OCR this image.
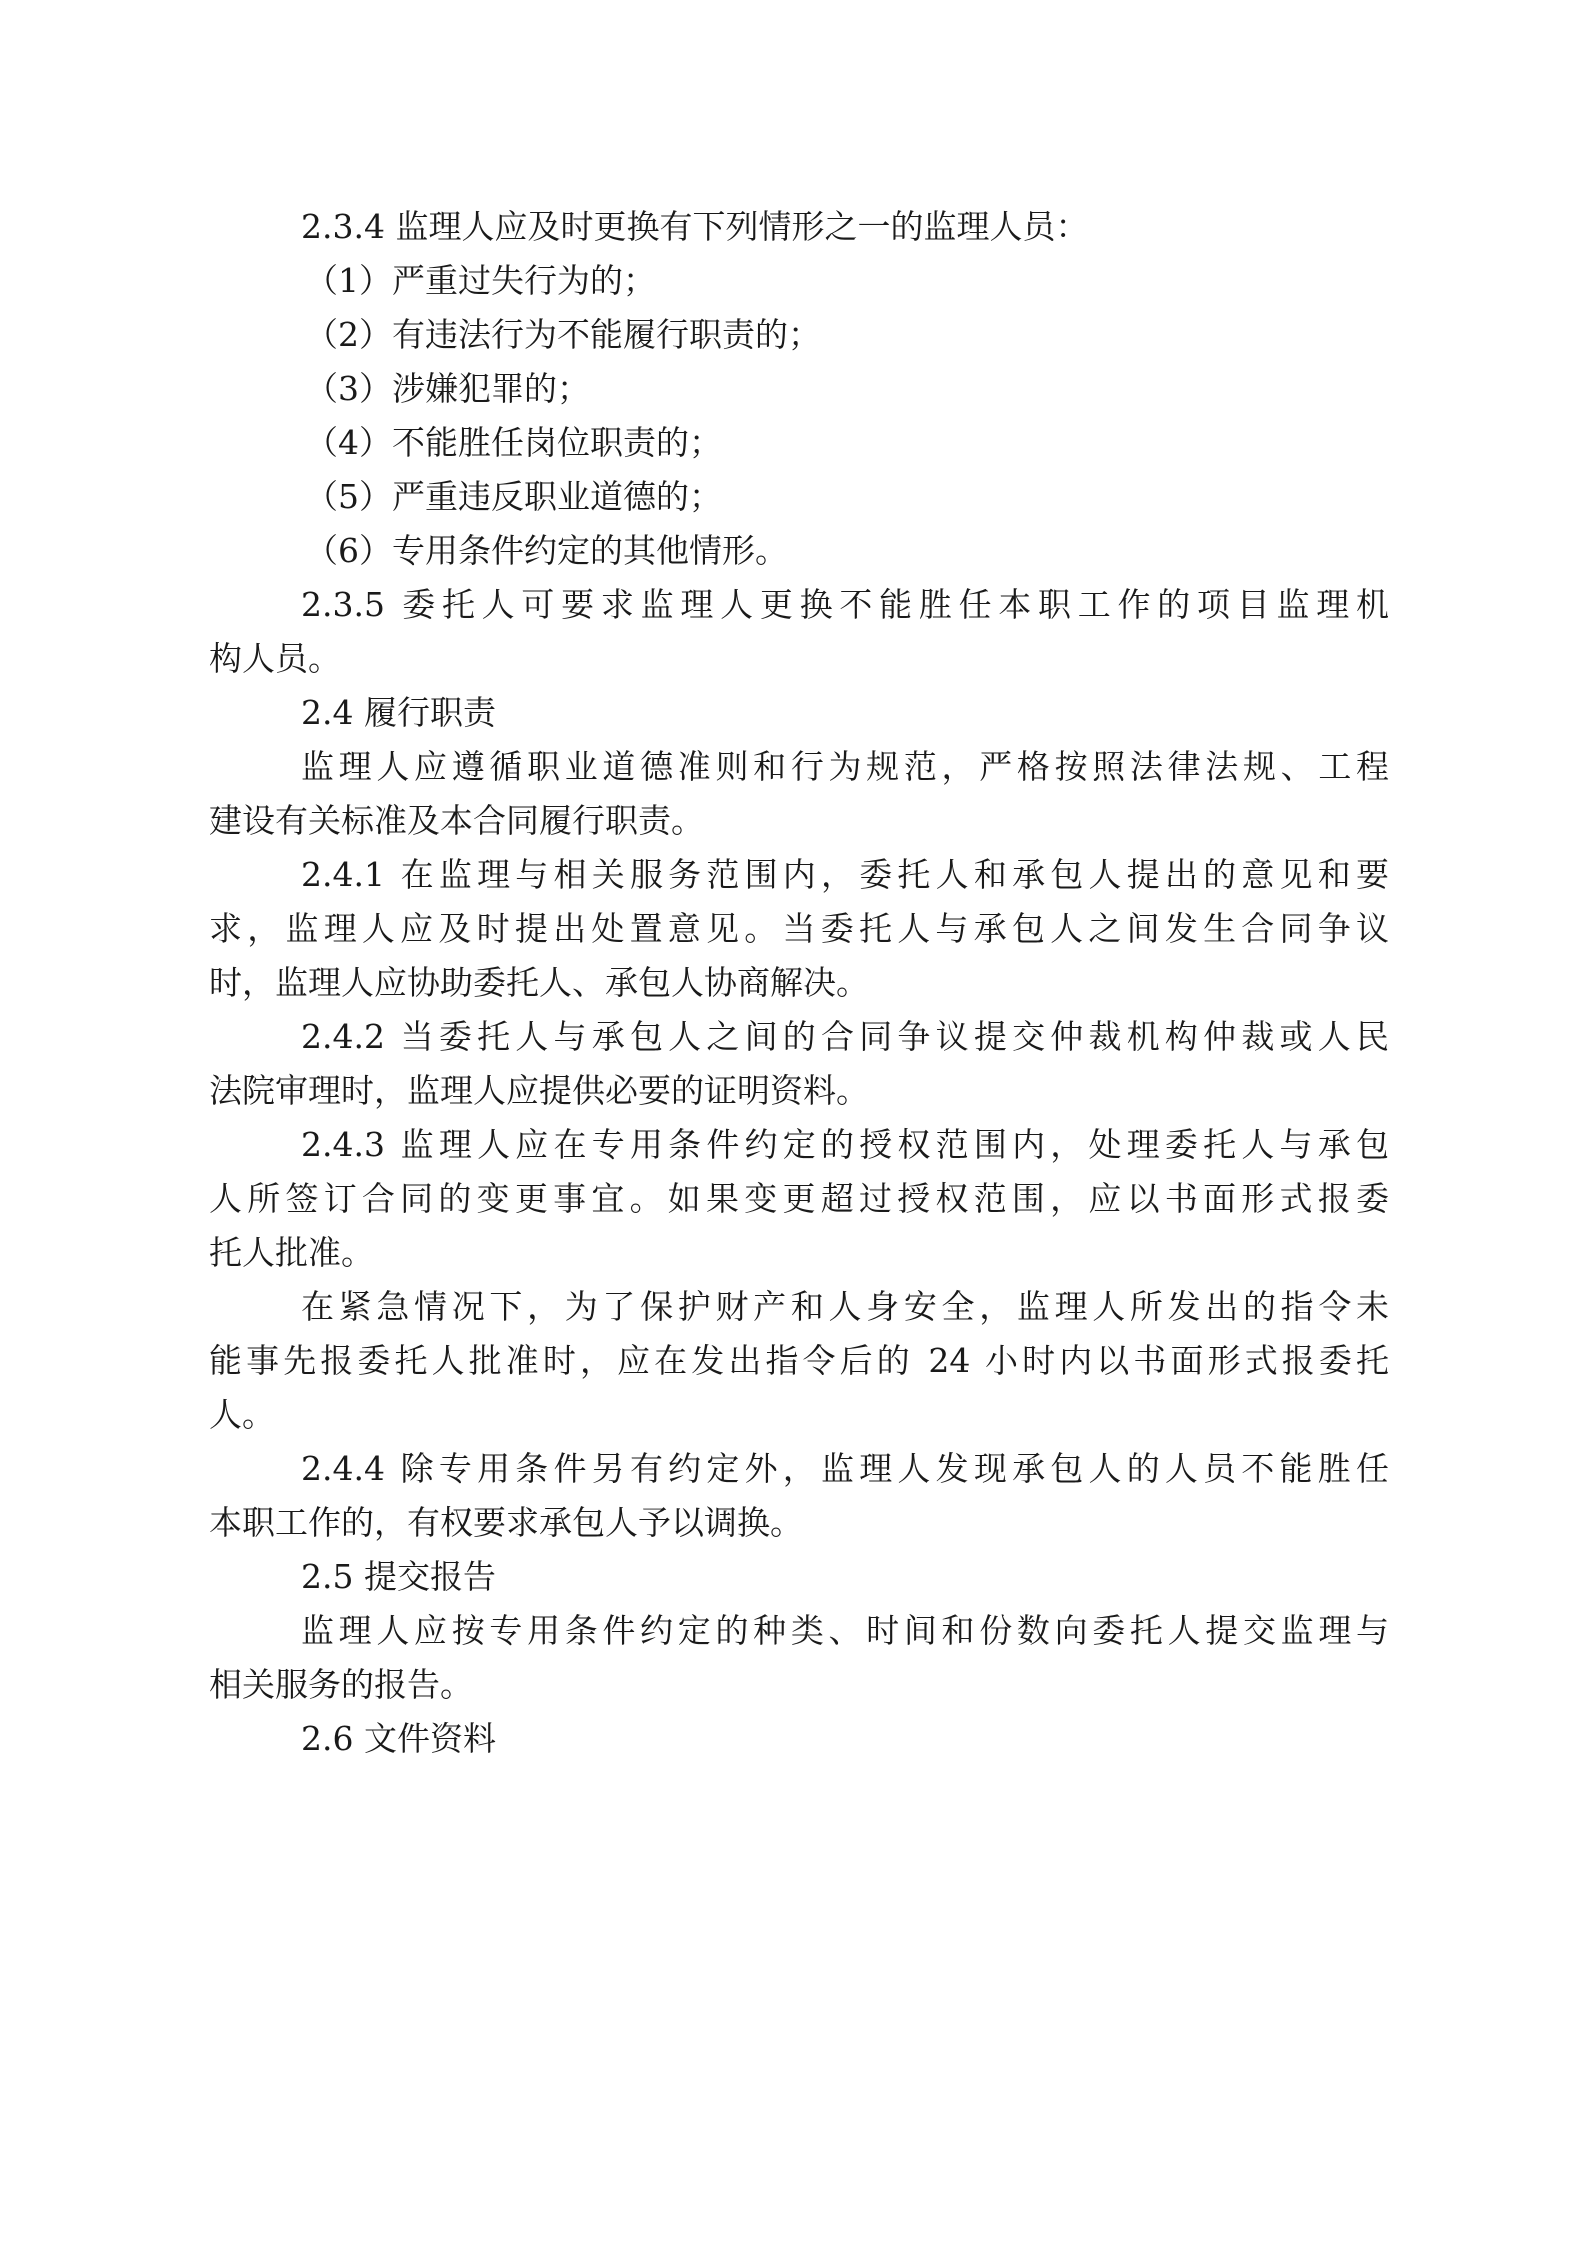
2.3.4 监理人应及时更换有下列情形之一的监理人员：
（1）严重过失行为的；
（2）有违法行为不能履行职责的；
（3）涉嫌犯罪的；
（4）不能胜任岗位职责的；
（5）严重违反职业道德的；
（6）专用条件约定的其他情形。
2.3.5 委托人可要求监理人更换不能胜任本职工作的项目监理机
构人员。
2.4 履行职责
监理人应遵循职业道德准则和行为规范，严格按照法律法规、工程
建设有关标准及本合同履行职责。
2.4.1 在监理与相关服务范围内，委托人和承包人提出的意见和要
求，监理人应及时提出处置意见。当委托人与承包人之间发生合同争议
时，监理人应协助委托人、承包人协商解决。
2.4.2 当委托人与承包人之间的合同争议提交仲裁机构仲裁或人民
法院审理时，监理人应提供必要的证明资料。
2.4.3 监理人应在专用条件约定的授权范围内，处理委托人与承包
人所签订合同的变更事宜。如果变更超过授权范围，应以书面形式报委
托人批准。
在紧急情况下，为了保护财产和人身安全，监理人所发出的指令未
能事先报委托人批准时，应在发出指令后的 24 小时内以书面形式报委托
人。
2.4.4 除专用条件另有约定外，监理人发现承包人的人员不能胜任
本职工作的，有权要求承包人予以调换。
2.5 提交报告
监理人应按专用条件约定的种类、时间和份数向委托人提交监理与
相关服务的报告。
2.6 文件资料
